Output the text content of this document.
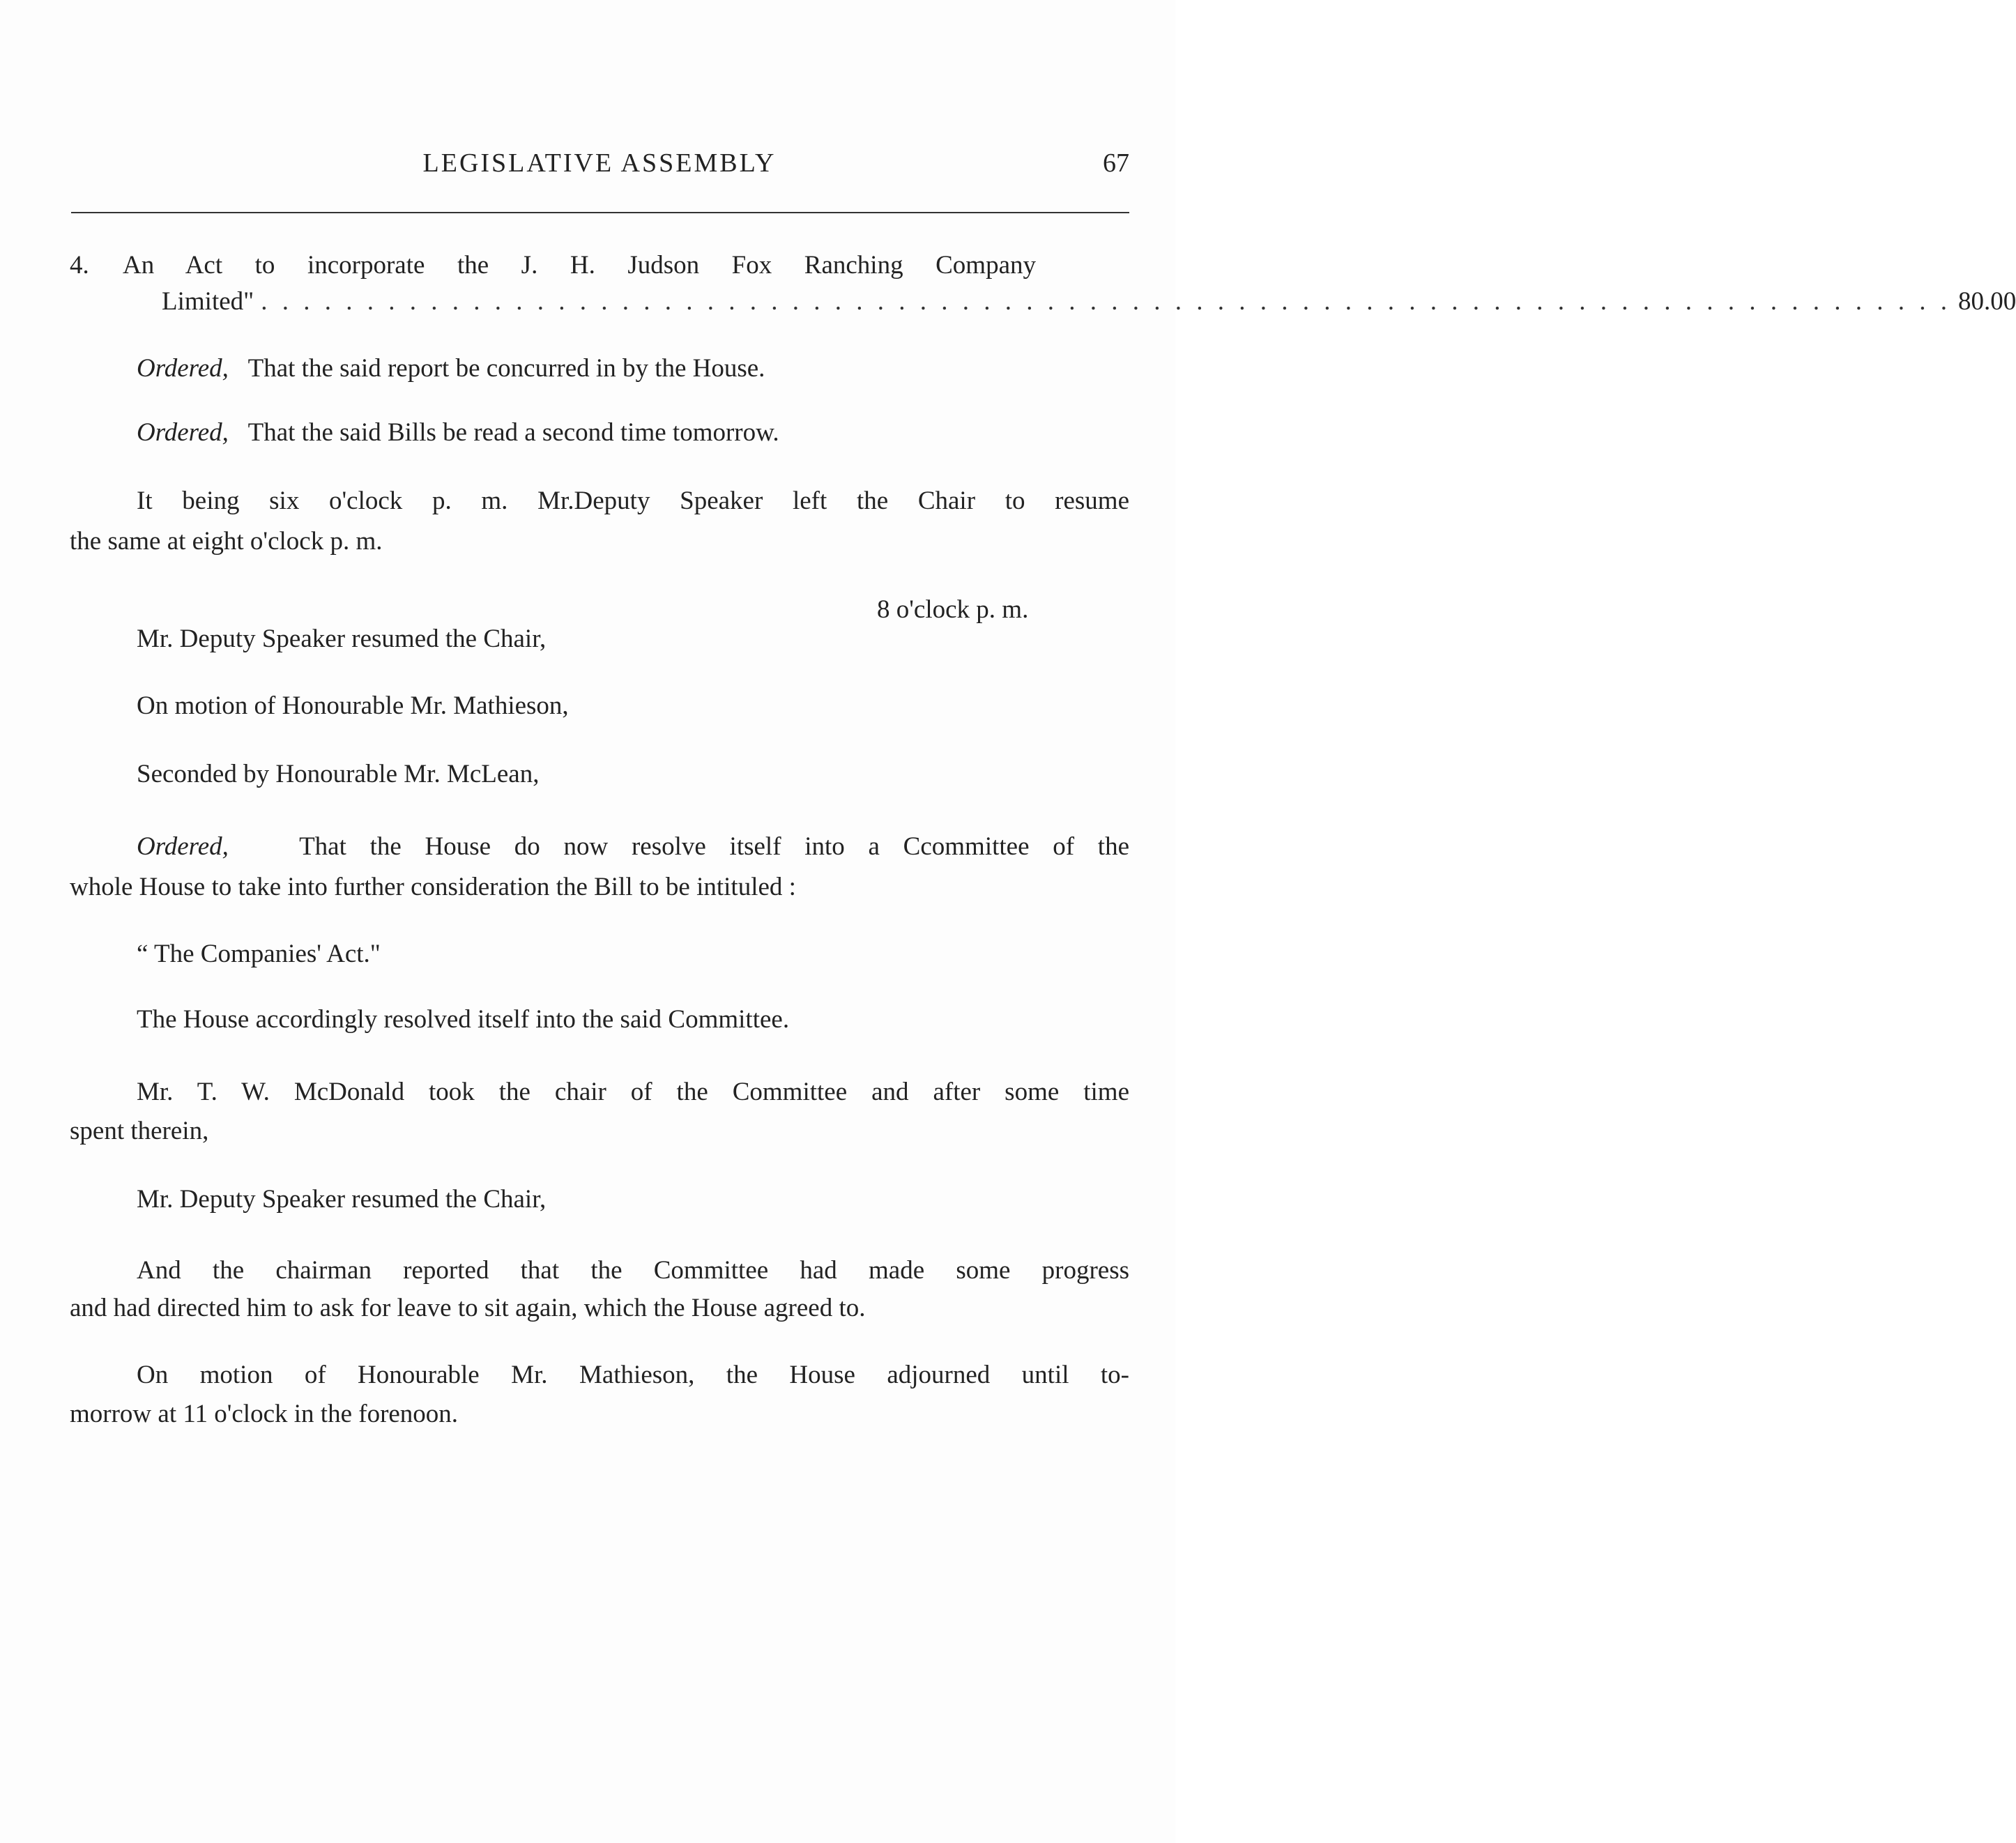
LEGISLATIVE ASSEMBLY	67
4. An Act to incorporate the J. H. Judson Fox Ranching Company
Limited" . . . . . . . . . . . . . . . . . . . . . . . . . . . . . . . . . . . . . . . . . . . . . . . . . . . . . . . . . . . . . . . . . . . . . . . . . . . . . . . . 80.00
Ordered, That the said report be concurred in by the House.
Ordered, That the said Bills be read a second time tomorrow.
It being six o'clock p. m. Mr.Deputy Speaker left the Chair to resume
the same at eight o'clock p. m.
8 o'clock p. m.
Mr. Deputy Speaker resumed the Chair,
On motion of Honourable Mr. Mathieson,
Seconded by Honourable Mr. McLean,
Ordered,	That the House do now resolve itself into a Ccommittee of the
whole House to take into further consideration the Bill to be intituled :
“ The Companies' Act."
The House accordingly resolved itself into the said Committee.
Mr. T. W. McDonald took the chair of the Committee and after some time
spent therein,
Mr. Deputy Speaker resumed the Chair,
And the chairman reported that the Committee had made some progress
and had directed him to ask for leave to sit again, which the House agreed to.
On motion of Honourable Mr. Mathieson, the House adjourned until to-
morrow at 11 o'clock in the forenoon.
